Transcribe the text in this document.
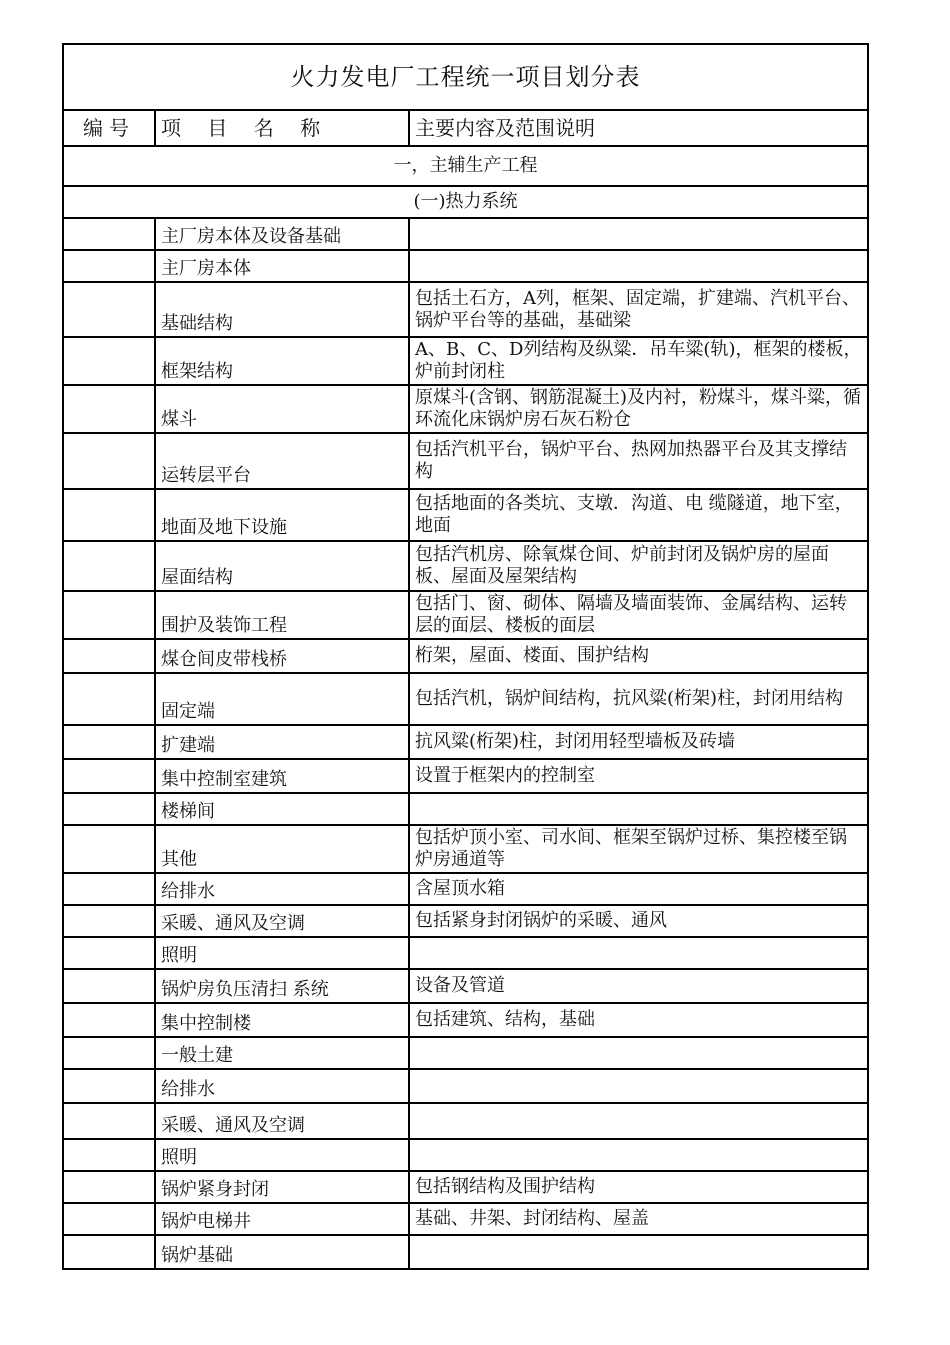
火力发电厂工程统一项目划分表		
编号	项 目 名 称	主要内容及范围说明
一，主辅生产工程		
(一)热力系统		
	主厂房本体及设备基础	
	主厂房本体	
	基础结构	包括土石方，A列，框架、固定端，扩建端、汽机平台、锅炉平台等的基础，基础梁
	框架结构	A、B、C、D列结构及纵粱．吊车粱(轨)，框架的楼板，炉前封闭柱
	煤斗	原煤斗(含钢、钢筋混凝土)及内衬，粉煤斗，煤斗粱，循环流化床锅炉房石灰石粉仓
	运转层平台	包括汽机平台，锅炉平台、热网加热器平台及其支撑结构
	地面及地下设施	包括地面的各类坑、支墩．沟道、电 缆隧道，地下室，地面
	屋面结构	包括汽机房、除氧煤仓间、炉前封闭及锅炉房的屋面板、屋面及屋架结构
	围护及装饰工程	包括门、窗、砌体、隔墙及墙面装饰、金属结构、运转层的面层、楼板的面层
	煤仓间皮带栈桥	桁架，屋面、楼面、围护结构
	固定端	包括汽机，锅炉间结构，抗风粱(桁架)柱，封闭用结构
	扩建端	抗风粱(桁架)柱，封闭用轻型墙板及砖墙
	集中控制室建筑	设置于框架内的控制室
	楼梯间	
	其他	包括炉顶小室、司水间、框架至锅炉过桥、集控楼至锅炉房通道等
	给排水	含屋顶水箱
	采暖、通风及空调	包括紧身封闭锅炉的采暖、通风
	照明	
	锅炉房负压清扫 系统	设备及管道
	集中控制楼	包括建筑、结构，基础
	一般土建	
	给排水	
	采暖、通风及空调	
	照明	
	锅炉紧身封闭	包括钢结构及围护结构
	锅炉电梯井	基础、井架、封闭结构、屋盖
	锅炉基础	
